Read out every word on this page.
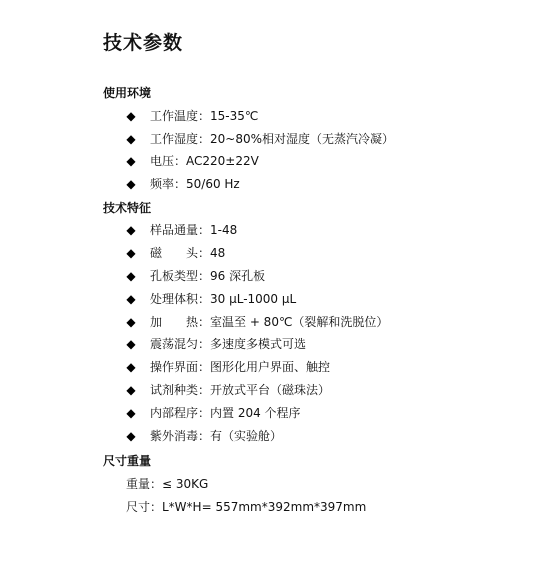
技术参数
使用环境
◆ 工作温度：15-35℃
◆ 工作湿度：20~80%相对湿度（无蒸汽冷凝）
◆ 电压：AC220±22V
◆ 频率：50/60 Hz
技术特征
◆ 样品通量：1-48
◆ 磁　　头：48
◆ 孔板类型：96 深孔板
◆ 处理体积：30 μL-1000 μL
◆ 加　　热：室温至 + 80℃（裂解和洗脱位）
◆ 震荡混匀：多速度多模式可选
◆ 操作界面：图形化用户界面、触控
◆ 试剂种类：开放式平台（磁珠法）
◆ 内部程序：内置 204 个程序
◆ 紫外消毒：有（实验舱）
尺寸重量
重量：≤ 30KG
尺寸：L*W*H= 557mm*392mm*397mm
